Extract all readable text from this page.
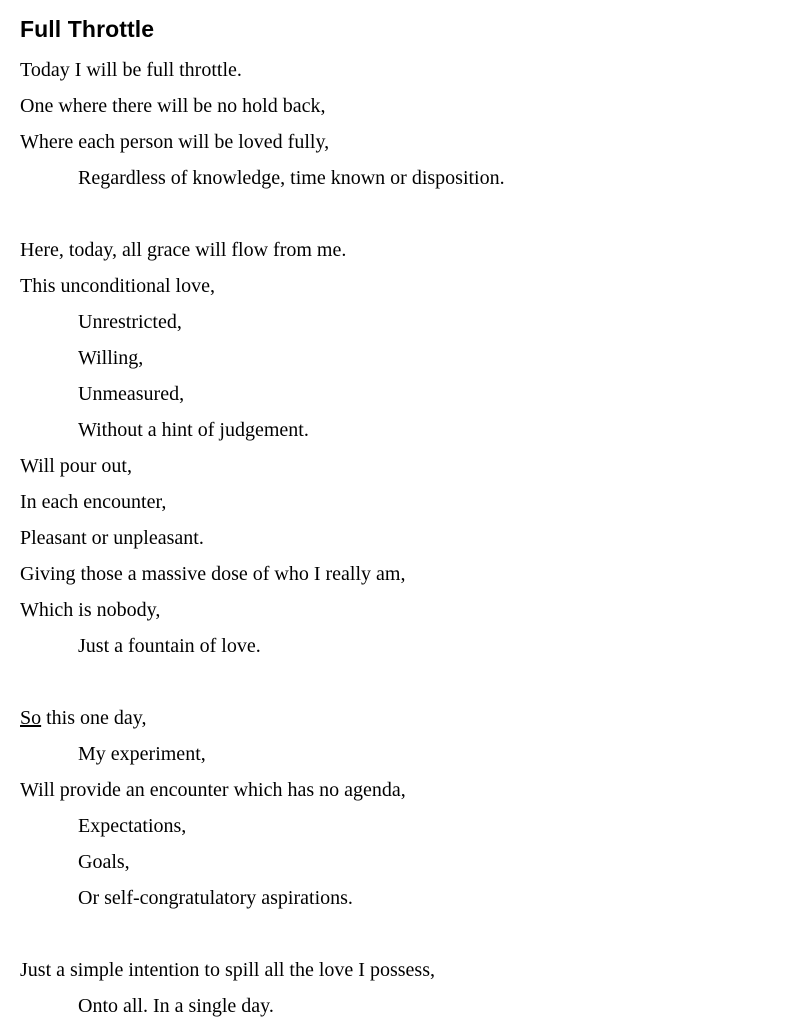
Full Throttle
Today I will be full throttle.
One where there will be no hold back,
Where each person will be loved fully,
Regardless of knowledge, time known or disposition.
Here, today, all grace will flow from me.
This unconditional love,
Unrestricted,
Willing,
Unmeasured,
Without a hint of judgement.
Will pour out,
In each encounter,
Pleasant or unpleasant.
Giving those a massive dose of who I really am,
Which is nobody,
Just a fountain of love.
So this one day,
My experiment,
Will provide an encounter which has no agenda,
Expectations,
Goals,
Or self-congratulatory aspirations.
Just a simple intention to spill all the love I possess,
Onto all. In a single day.
